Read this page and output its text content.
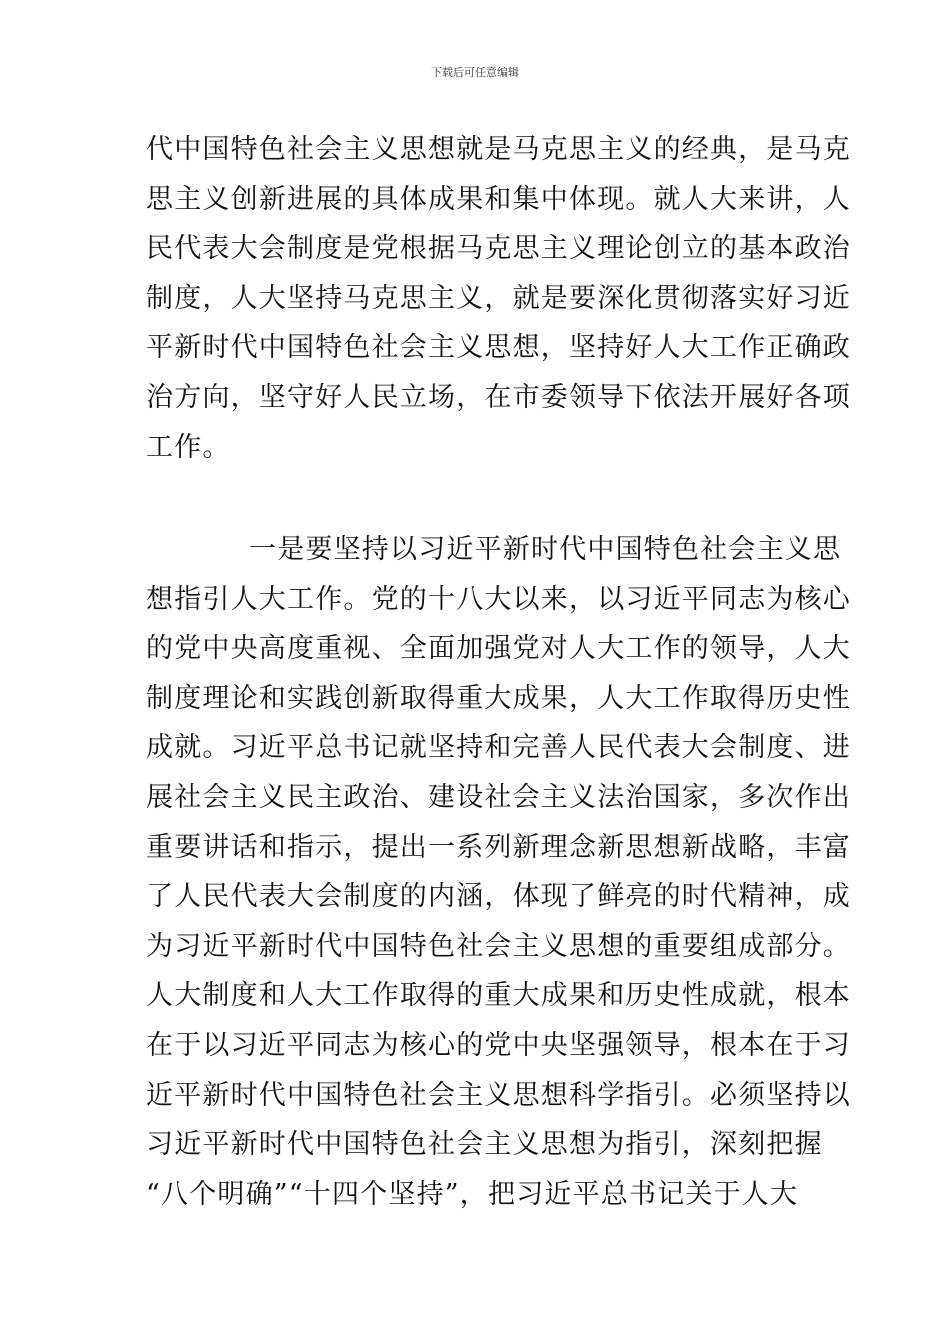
下载后可任意编辑
代中国特色社会主义思想就是马克思主义的经典，是马克
思主义创新进展的具体成果和集中体现。就人大来讲，人
民代表大会制度是党根据马克思主义理论创立的基本政治
制度，人大坚持马克思主义，就是要深化贯彻落实好习近
平新时代中国特色社会主义思想，坚持好人大工作正确政
治方向，坚守好人民立场，在市委领导下依法开展好各项
工作。
一是要坚持以习近平新时代中国特色社会主义思
想指引人大工作。党的十八大以来，以习近平同志为核心
的党中央高度重视、全面加强党对人大工作的领导，人大
制度理论和实践创新取得重大成果，人大工作取得历史性
成就。习近平总书记就坚持和完善人民代表大会制度、进
展社会主义民主政治、建设社会主义法治国家，多次作出
重要讲话和指示，提出一系列新理念新思想新战略，丰富
了人民代表大会制度的内涵，体现了鲜亮的时代精神，成
为习近平新时代中国特色社会主义思想的重要组成部分。
人大制度和人大工作取得的重大成果和历史性成就，根本
在于以习近平同志为核心的党中央坚强领导，根本在于习
近平新时代中国特色社会主义思想科学指引。必须坚持以
习近平新时代中国特色社会主义思想为指引，深刻把握
“八个明确”“十四个坚持”，把习近平总书记关于人大
